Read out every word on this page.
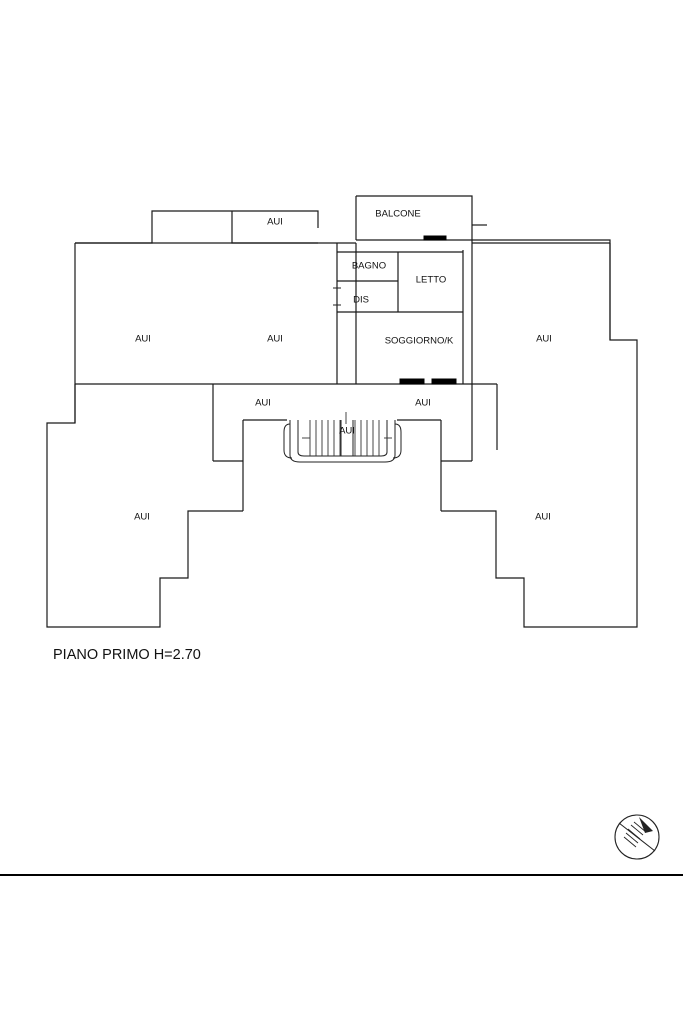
AUI
BALCONE
BAGNO
LETTO
DIS
SOGGIORNO/K
AUI	AUI	AUI
AUI	AUI
AUI
AUI	AUI
PIANO PRIMO H=2.70
